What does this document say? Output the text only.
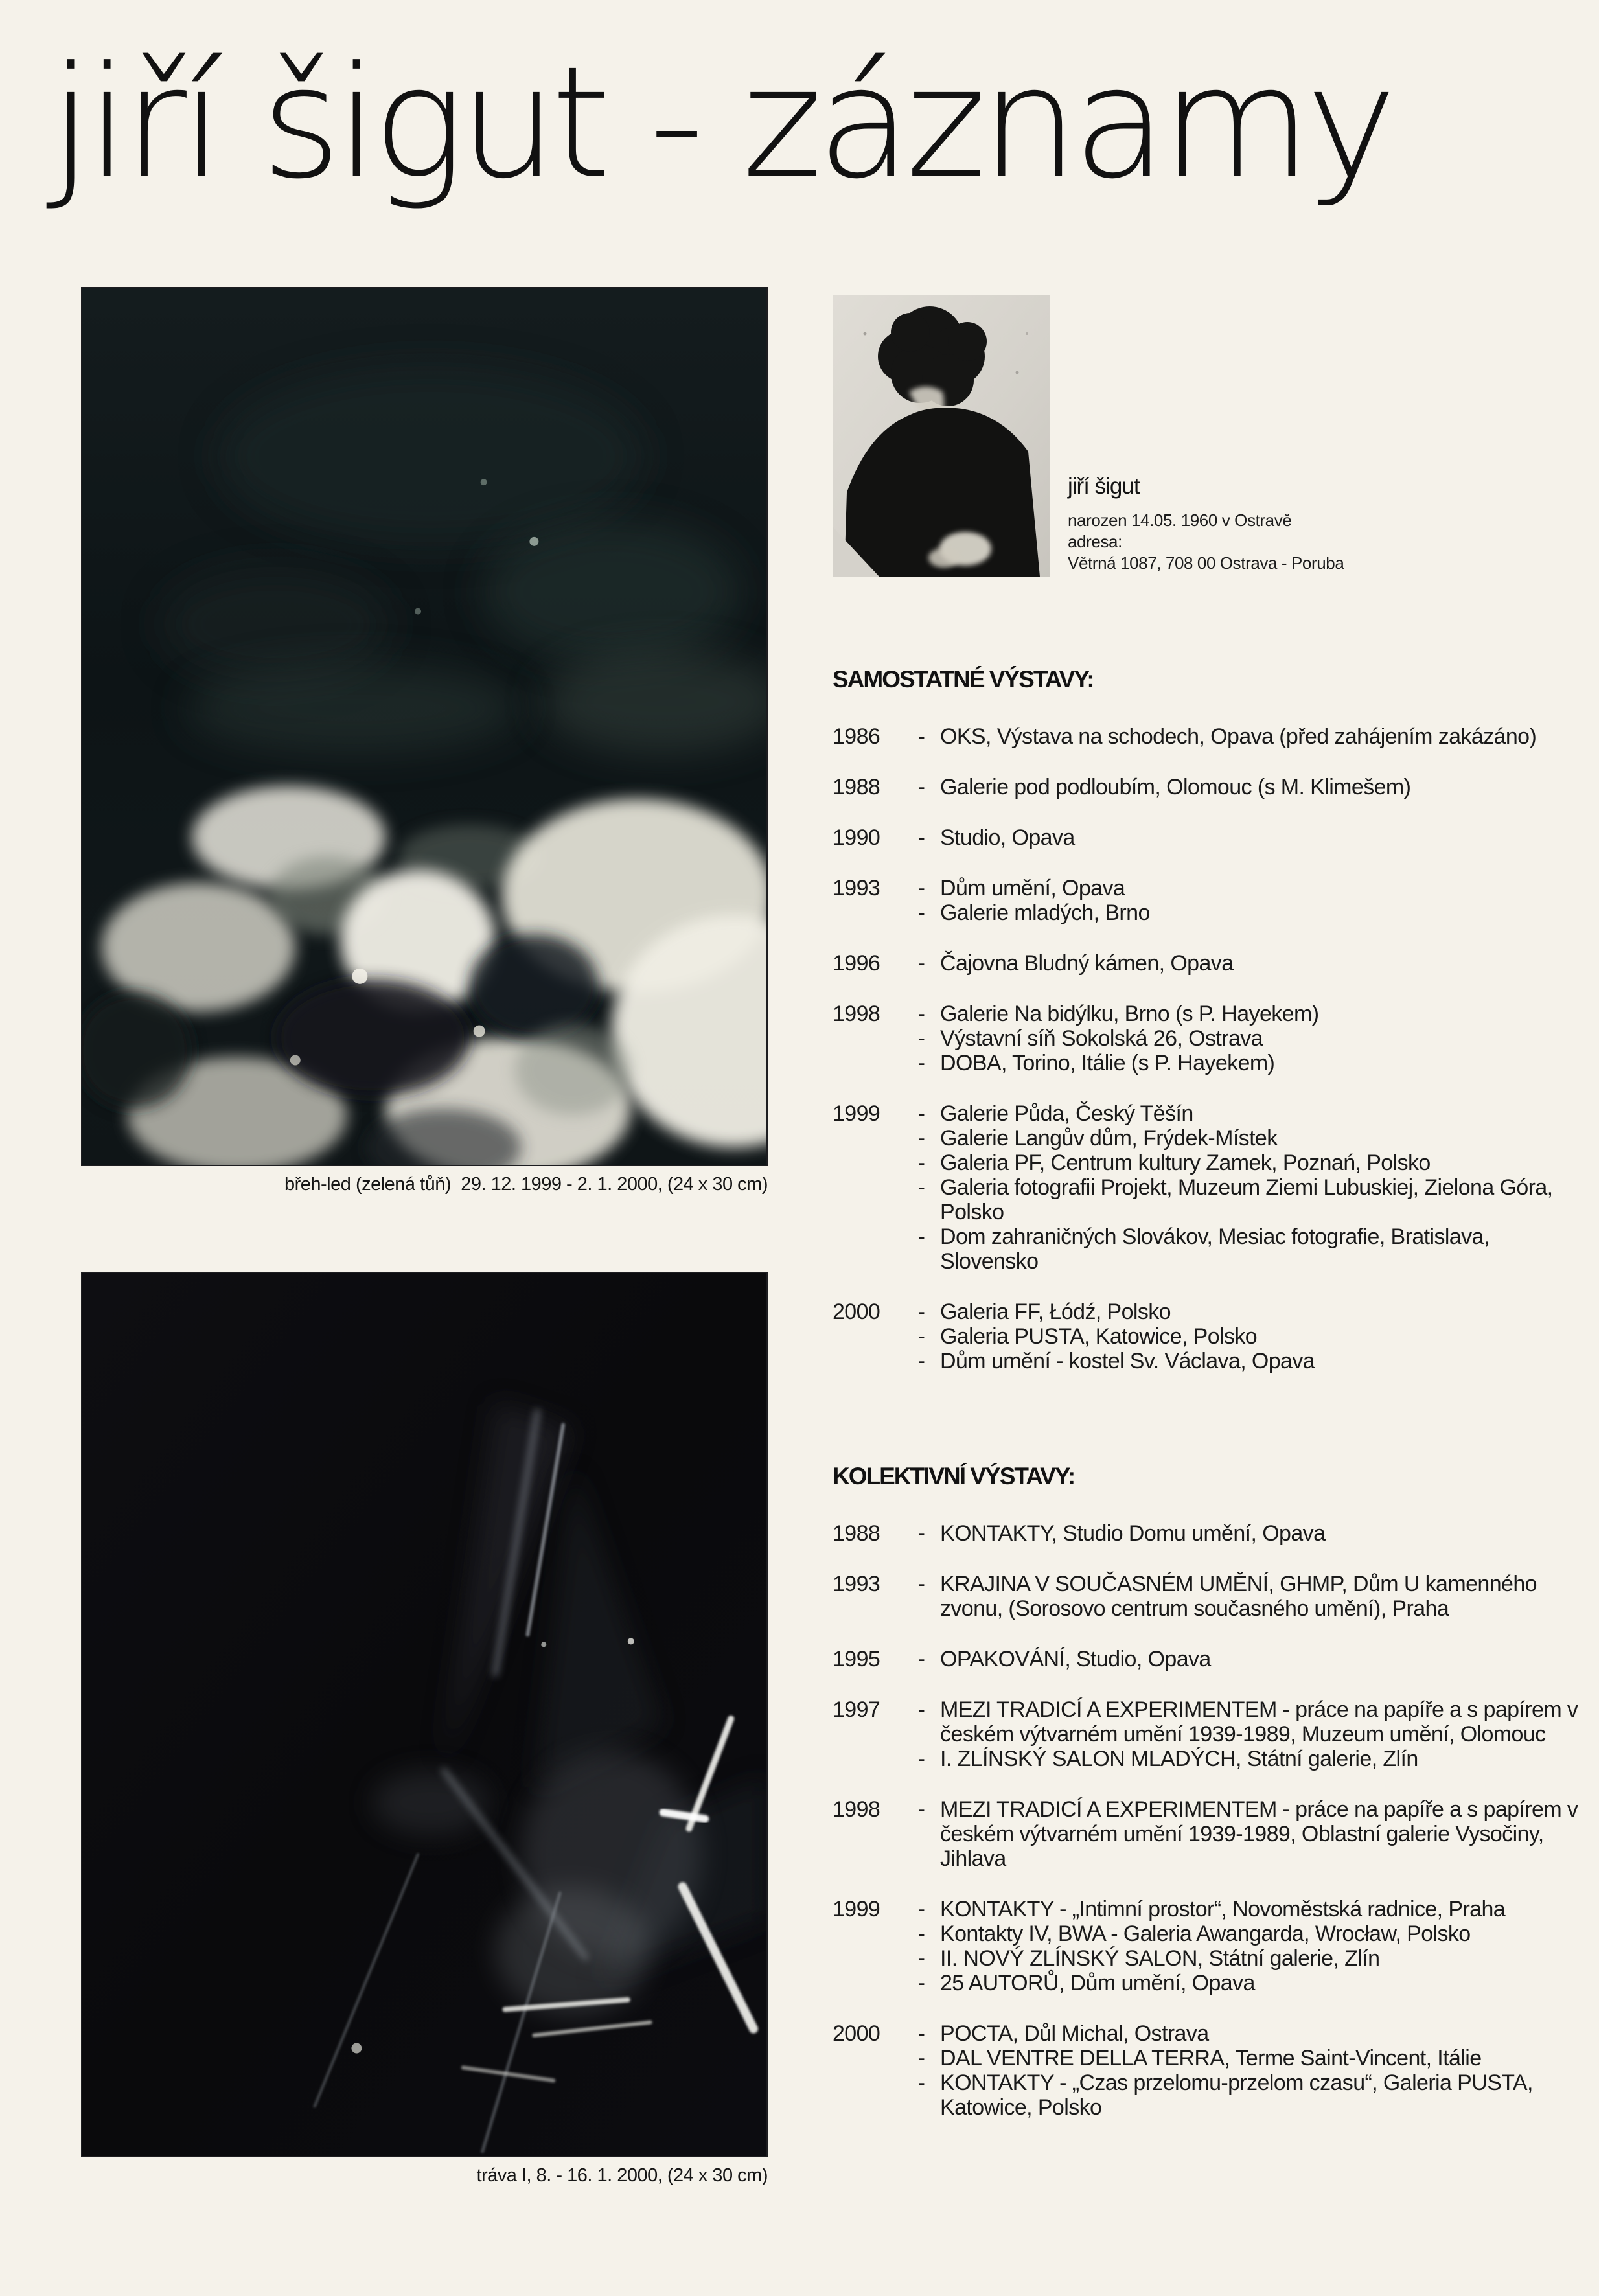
jiří šigut - záznamy
břeh-led (zelená tůň)  29. 12. 1999 - 2. 1. 2000, (24 x 30 cm)
tráva I, 8. - 16. 1. 2000, (24 x 30 cm)
jiří šigut
narozen 14.05. 1960 v Ostravě
adresa:
Větrná 1087, 708 00 Ostrava - Poruba
SAMOSTATNÉ VÝSTAVY:
1986	- OKS, Výstava na schodech, Opava (před zahájením zakázáno)
1988	- Galerie pod podloubím, Olomouc (s M. Klimešem)
1990	- Studio, Opava
1993	- Dům umění, Opava
- Galerie mladých, Brno
1996	- Čajovna Bludný kámen, Opava
1998	- Galerie Na bidýlku, Brno (s P. Hayekem)
- Výstavní síň Sokolská 26, Ostrava
- DOBA, Torino, Itálie (s P. Hayekem)
1999	- Galerie Půda, Český Těšín
- Galerie Langův dům, Frýdek-Místek
- Galeria PF, Centrum kultury Zamek, Poznań, Polsko
- Galeria fotografii Projekt, Muzeum Ziemi Lubuskiej, Zielona Góra, Polsko
- Dom zahraničných Slovákov, Mesiac fotografie, Bratislava, Slovensko
2000	- Galeria FF, Łódź, Polsko
- Galeria PUSTA, Katowice, Polsko
- Dům umění - kostel Sv. Václava, Opava
KOLEKTIVNÍ VÝSTAVY:
1988	- KONTAKTY, Studio Domu umění, Opava
1993	- KRAJINA V SOUČASNÉM UMĚNÍ, GHMP, Dům U kamenného zvonu, (Sorosovo centrum současného umění), Praha
1995	- OPAKOVÁNÍ, Studio, Opava
1997	- MEZI TRADICÍ A EXPERIMENTEM - práce na papíře a s papírem v českém výtvarném umění 1939-1989, Muzeum umění, Olomouc
- I. ZLÍNSKÝ SALON MLADÝCH, Státní galerie, Zlín
1998	- MEZI TRADICÍ A EXPERIMENTEM - práce na papíře a s papírem v českém výtvarném umění 1939-1989, Oblastní galerie Vysočiny, Jihlava
1999	- KONTAKTY - „Intimní prostor“, Novoměstská radnice, Praha
- Kontakty IV, BWA - Galeria Awangarda, Wrocław, Polsko
- II. NOVÝ ZLÍNSKÝ SALON, Státní galerie, Zlín
- 25 AUTORŮ, Dům umění, Opava
2000	- POCTA, Důl Michal, Ostrava
- DAL VENTRE DELLA TERRA, Terme Saint-Vincent, Itálie
- KONTAKTY - „Czas przelomu-przelom czasu“, Galeria PUSTA, Katowice, Polsko
